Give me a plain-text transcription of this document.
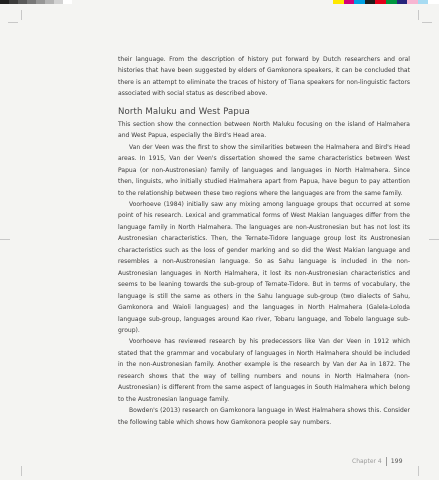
their language. From the description of history put forward by Dutch researchers and oral histories that have been suggested by elders of Gamkonora speakers, it can be concluded that there is an attempt to eliminate the traces of history of Tiana speakers for non-linguistic factors associated with social status as described above.

North Maluku and West Papua

This section show the connection between North Maluku focusing on the island of Halmahera and West Papua, especially the Bird's Head area.

Van der Veen was the first to show the similarities between the Halmahera and Bird's Head areas. In 1915, Van der Veen's dissertation showed the same characteristics between West Papua (or non-Austronesian) family of languages and languages in North Halmahera. Since then, linguists, who initially studied Halmahera apart from Papua, have begun to pay attention to the relationship between these two regions where the languages are from the same family.

Voorhoeve (1984) initially saw any mixing among language groups that occurred at some point of his research. Lexical and grammatical forms of West Makian languages differ from the language family in North Halmahera. The languages are non-Austronesian but has not lost its Austronesian characteristics. Then, the Ternate-Tidore language group lost its Austronesian characteristics such as the loss of gender marking and so did the West Makian language and resembles a non-Austronesian language. So as Sahu language is included in the non-Austronesian languages in North Halmahera, it lost its non-Austronesian characteristics and seems to be leaning towards the sub-group of Ternate-Tidore. But in terms of vocabulary, the language is still the same as others in the Sahu language sub-group (two dialects of Sahu, Gamkonora and Waioli languages) and the languages in North Halmahera (Galela-Loloda language sub-group, languages around Kao river, Tobaru language, and Tobelo language sub-group).

Voorhoeve has reviewed research by his predecessors like Van der Veen in 1912 which stated that the grammar and vocabulary of languages in North Halmahera should be included in the non-Austronesian family. Another example is the research by Van der Aa in 1872. The research shows that the way of telling numbers and nouns in North Halmahera (non-Austronesian) is different from the same aspect of languages in South Halmahera which belong to the Austronesian language family.

Bowden's (2013) research on Gamkonora language in West Halmahera shows this. Consider the following table which shows how Gamkonora people say numbers.

Chapter 4 199
